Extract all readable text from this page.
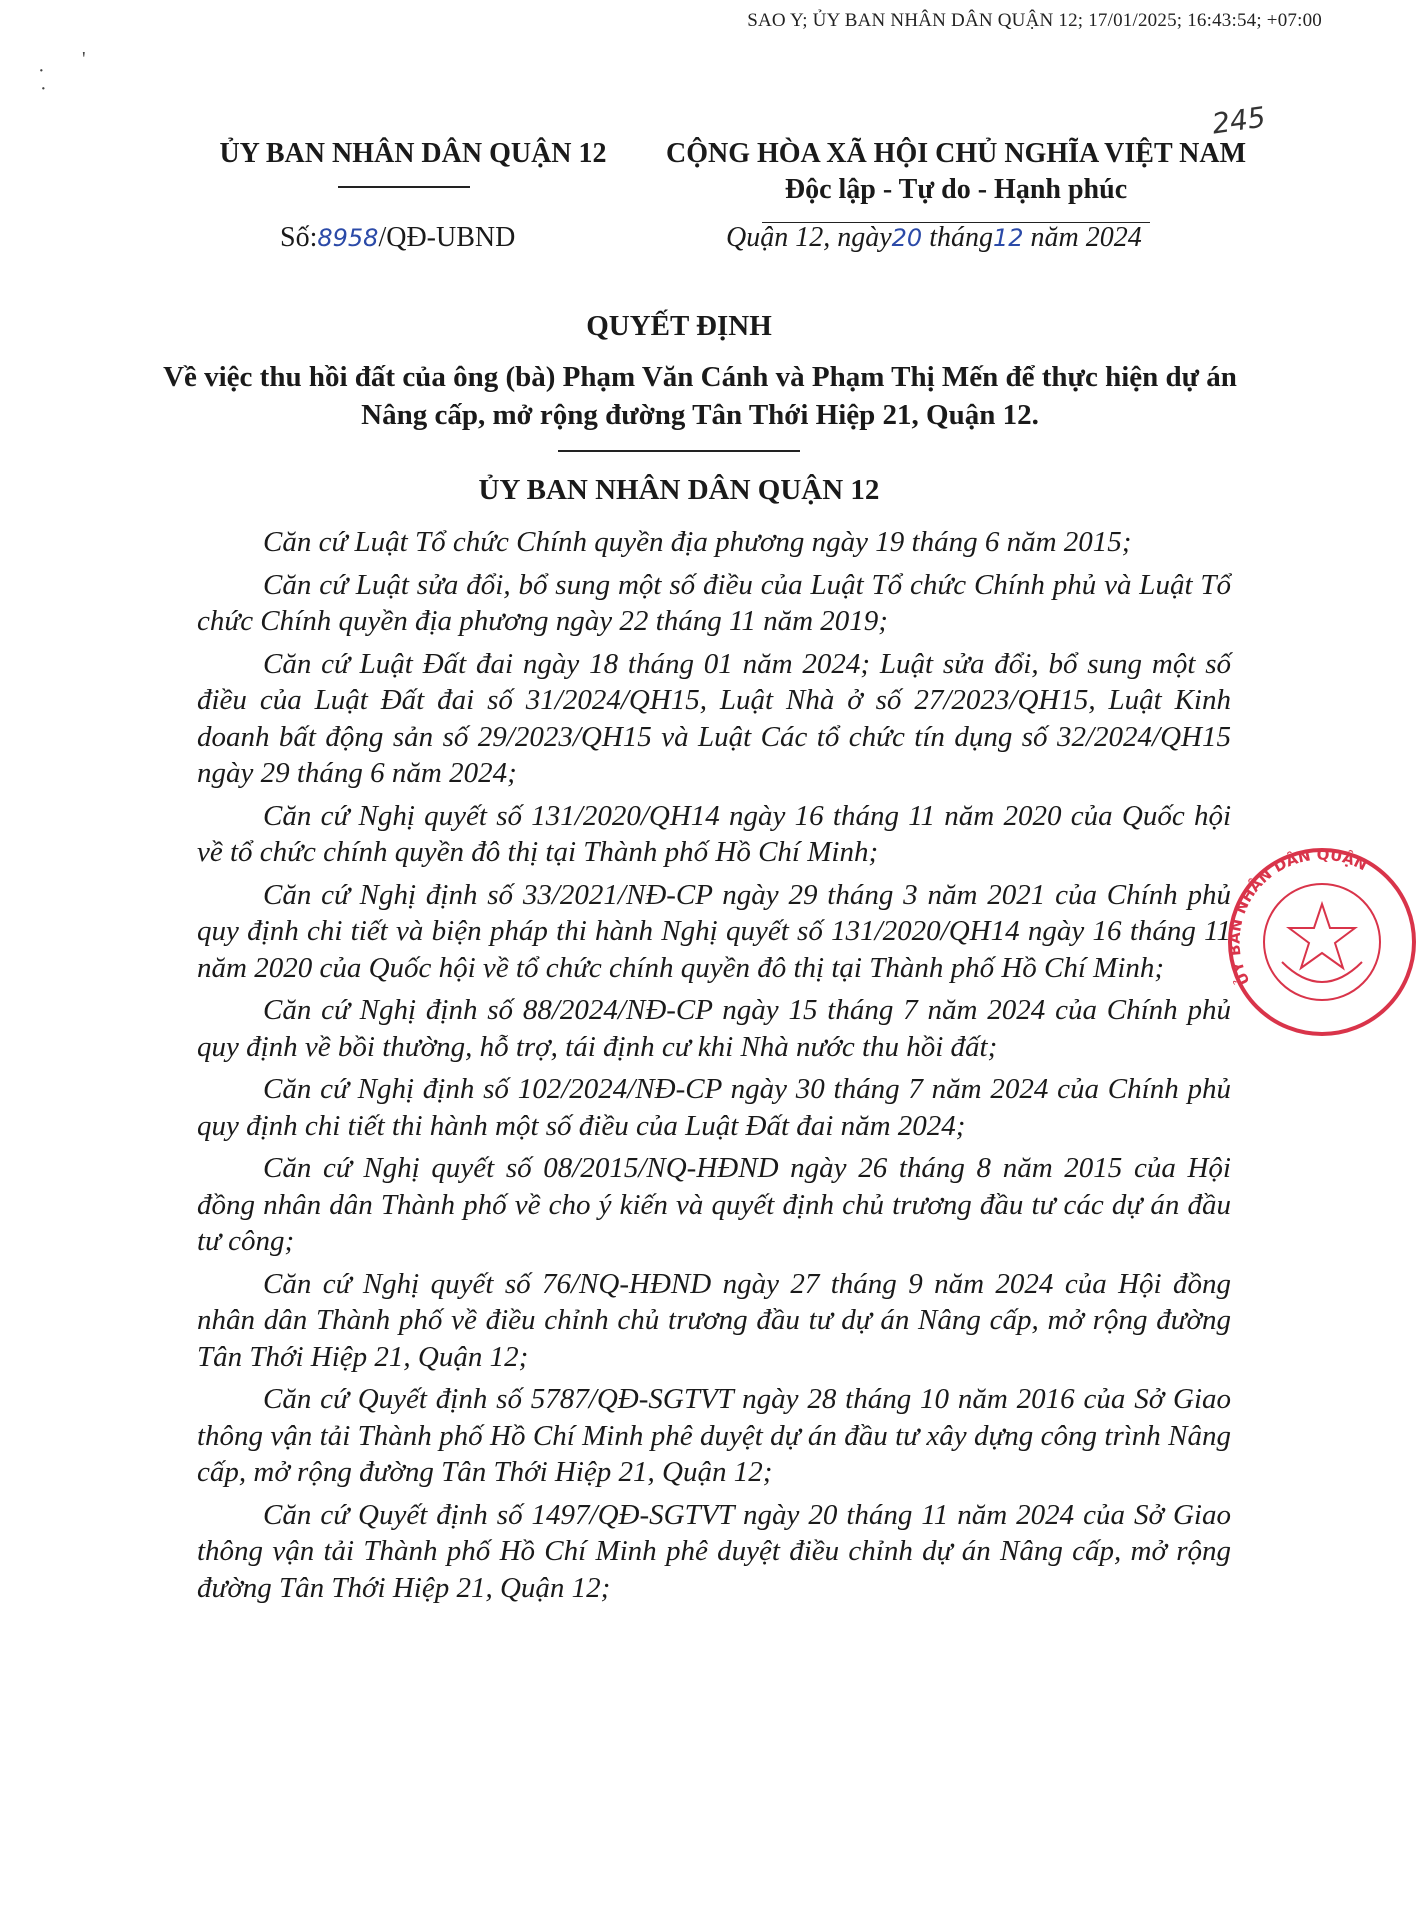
SAO Y; ỦY BAN NHÂN DÂN QUẬN 12; 17/01/2025; 16:43:54; +07:00
'
·
·
245
ỦY BAN NHÂN DÂN QUẬN 12	CỘNG HÒA XÃ HỘI CHỦ NGHĨA VIỆT NAM
Độc lập - Tự do - Hạnh phúc
Số:8958/QĐ-UBND	Quận 12, ngày20 tháng12 năm 2024
QUYẾT ĐỊNH
Về việc thu hồi đất của ông (bà) Phạm Văn Cánh và Phạm Thị Mến để thực hiện dự án Nâng cấp, mở rộng đường Tân Thới Hiệp 21, Quận 12.
ỦY BAN NHÂN DÂN QUẬN 12

Căn cứ Luật Tổ chức Chính quyền địa phương ngày 19 tháng 6 năm 2015;

Căn cứ Luật sửa đổi, bổ sung một số điều của Luật Tổ chức Chính phủ và Luật Tổ chức Chính quyền địa phương ngày 22 tháng 11 năm 2019;

Căn cứ Luật Đất đai ngày 18 tháng 01 năm 2024; Luật sửa đổi, bổ sung một số điều của Luật Đất đai số 31/2024/QH15, Luật Nhà ở số 27/2023/QH15, Luật Kinh doanh bất động sản số 29/2023/QH15 và Luật Các tổ chức tín dụng số 32/2024/QH15 ngày 29 tháng 6 năm 2024;

Căn cứ Nghị quyết số 131/2020/QH14 ngày 16 tháng 11 năm 2020 của Quốc hội về tổ chức chính quyền đô thị tại Thành phố Hồ Chí Minh;

Căn cứ Nghị định số 33/2021/NĐ-CP ngày 29 tháng 3 năm 2021 của Chính phủ quy định chi tiết và biện pháp thi hành Nghị quyết số 131/2020/QH14 ngày 16 tháng 11 năm 2020 của Quốc hội về tổ chức chính quyền đô thị tại Thành phố Hồ Chí Minh;

Căn cứ Nghị định số 88/2024/NĐ-CP ngày 15 tháng 7 năm 2024 của Chính phủ quy định về bồi thường, hỗ trợ, tái định cư khi Nhà nước thu hồi đất;

Căn cứ Nghị định số 102/2024/NĐ-CP ngày 30 tháng 7 năm 2024 của Chính phủ quy định chi tiết thi hành một số điều của Luật Đất đai năm 2024;

Căn cứ Nghị quyết số 08/2015/NQ-HĐND ngày 26 tháng 8 năm 2015 của Hội đồng nhân dân Thành phố về cho ý kiến và quyết định chủ trương đầu tư các dự án đầu tư công;

Căn cứ Nghị quyết số 76/NQ-HĐND ngày 27 tháng 9 năm 2024 của Hội đồng nhân dân Thành phố về điều chỉnh chủ trương đầu tư dự án Nâng cấp, mở rộng đường Tân Thới Hiệp 21, Quận 12;

Căn cứ Quyết định số 5787/QĐ-SGTVT ngày 28 tháng 10 năm 2016 của Sở Giao thông vận tải Thành phố Hồ Chí Minh phê duyệt dự án đầu tư xây dựng công trình Nâng cấp, mở rộng đường Tân Thới Hiệp 21, Quận 12;

Căn cứ Quyết định số 1497/QĐ-SGTVT ngày 20 tháng 11 năm 2024 của Sở Giao thông vận tải Thành phố Hồ Chí Minh phê duyệt điều chỉnh dự án Nâng cấp, mở rộng đường Tân Thới Hiệp 21, Quận 12;

ỦY BAN NHÂN DÂN QUẬN
